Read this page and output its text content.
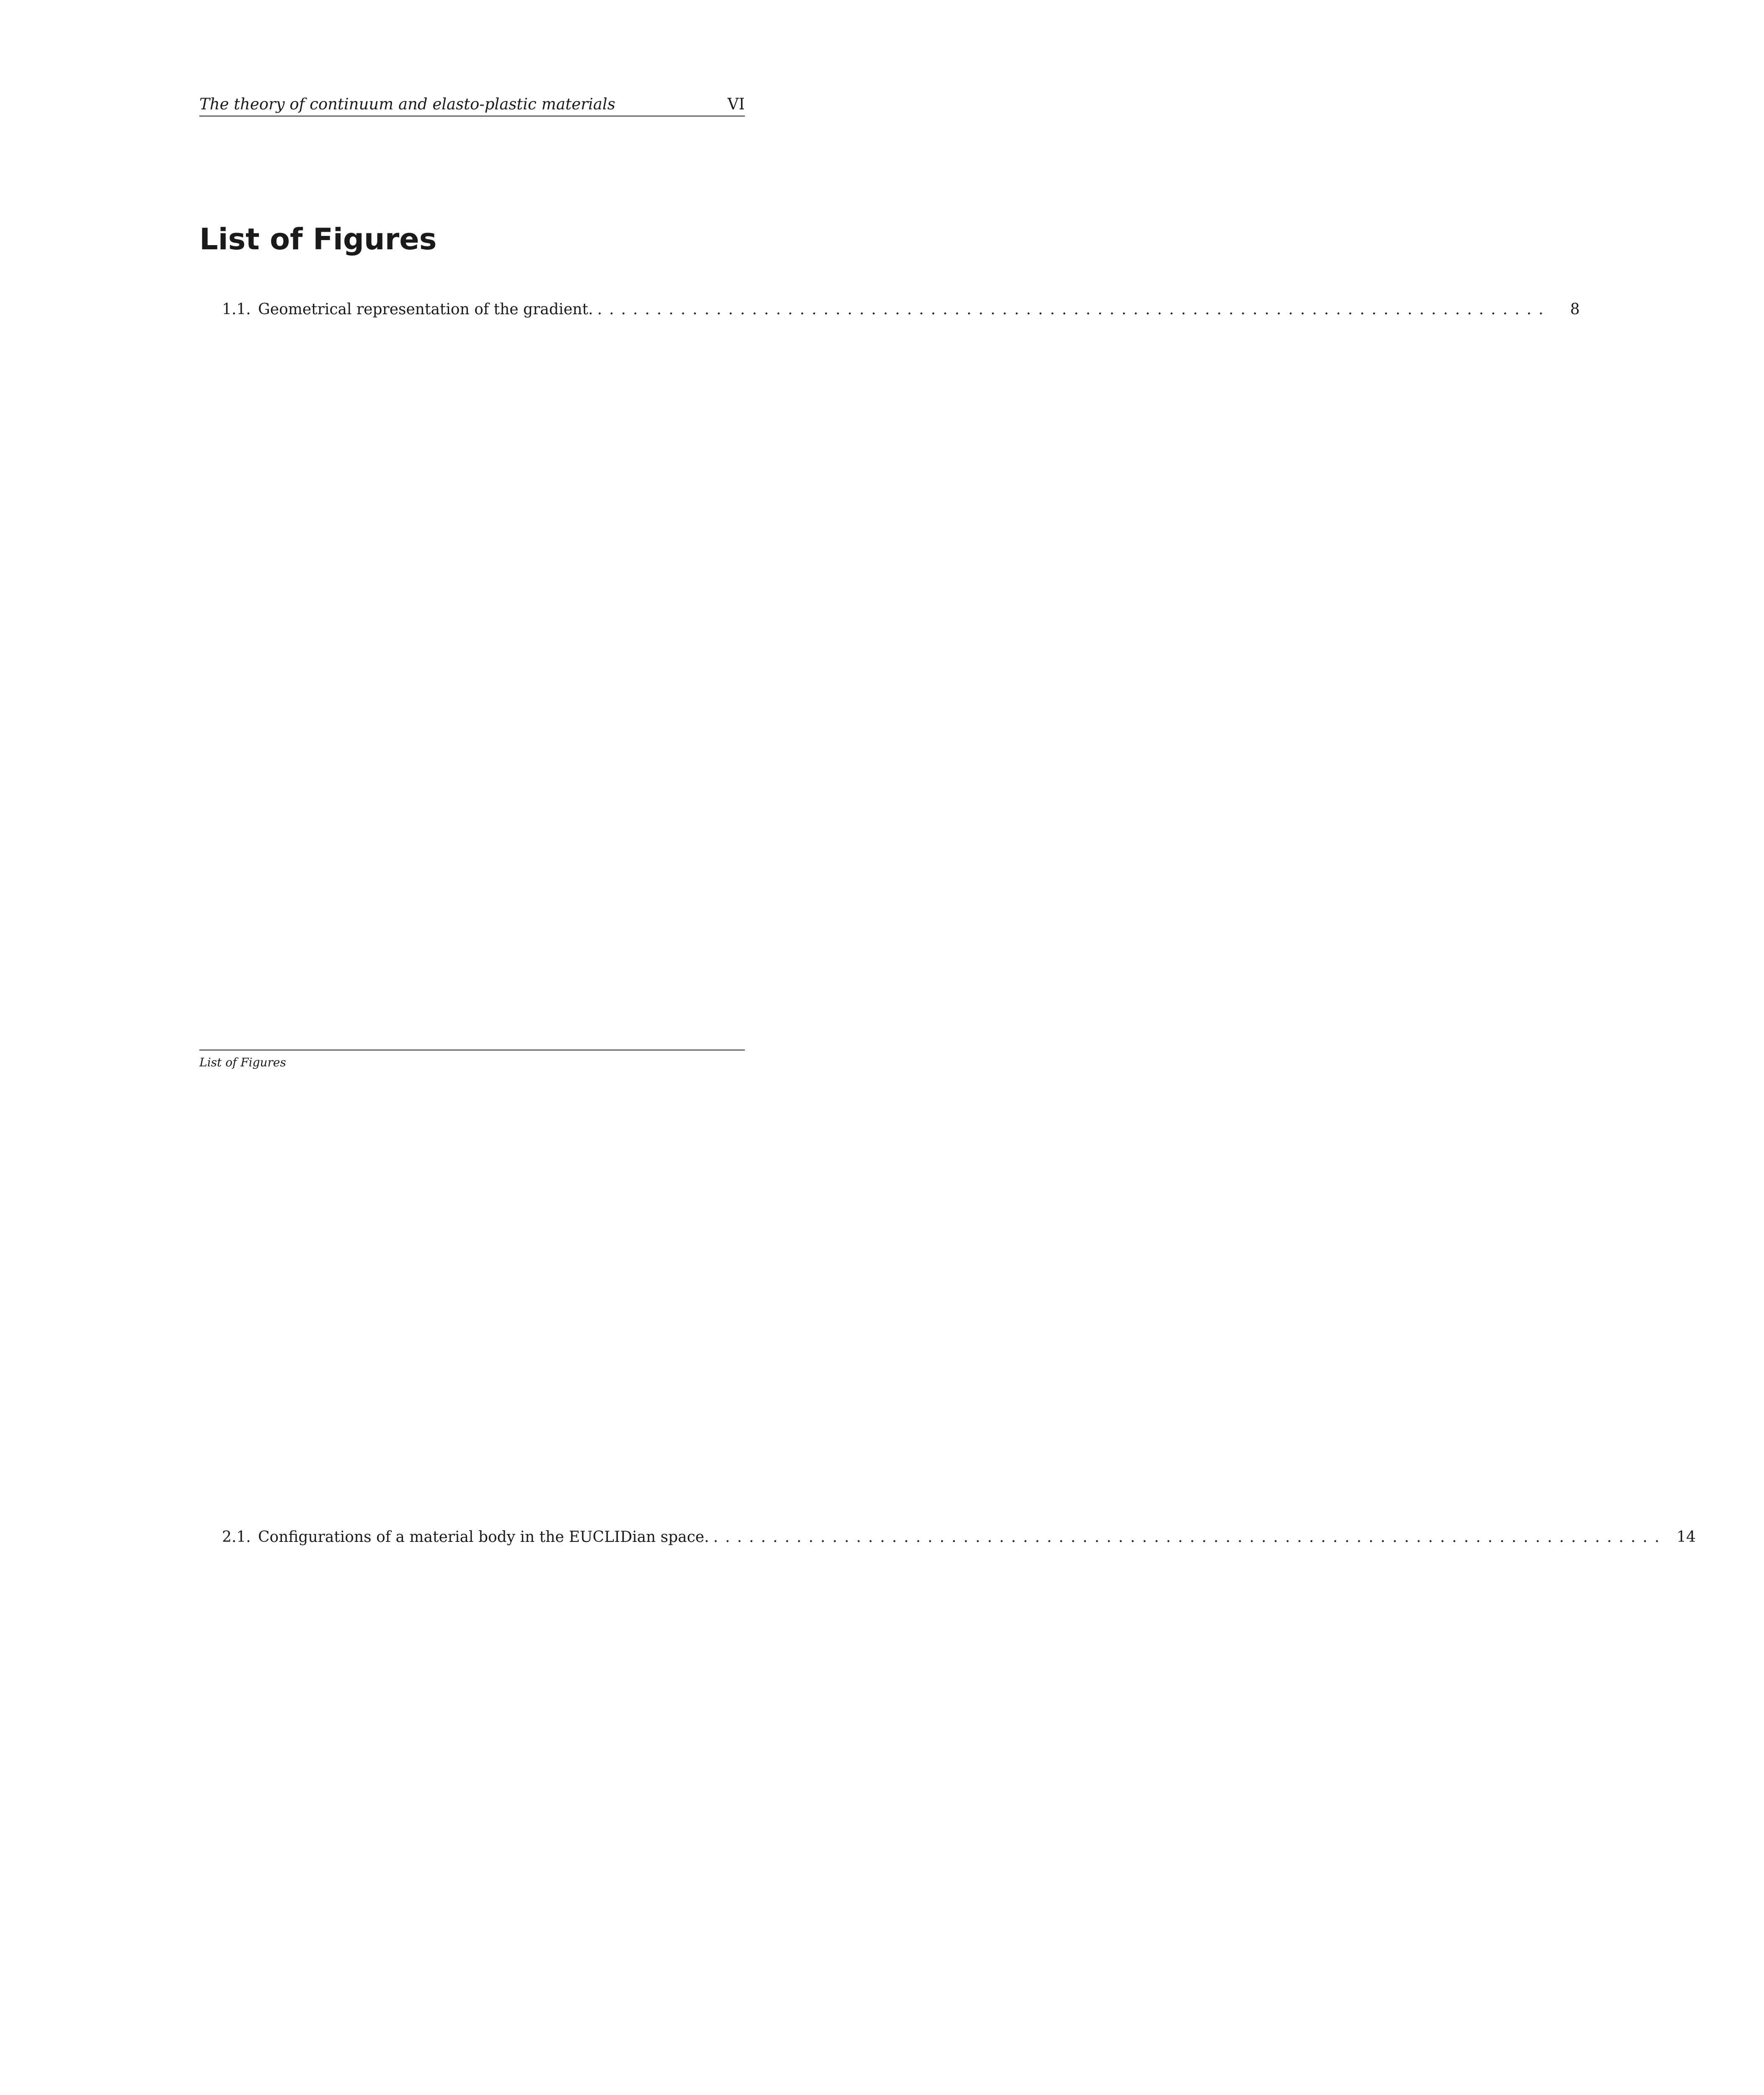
The theory of continuum and elasto-plastic materials	VI
List of Figures
1.1. Geometrical representation of the gradient. ................................................................................	8
2.1. Configurations of a material body in the EUCLIDian space. ................................................................................ 14
List of Figures
